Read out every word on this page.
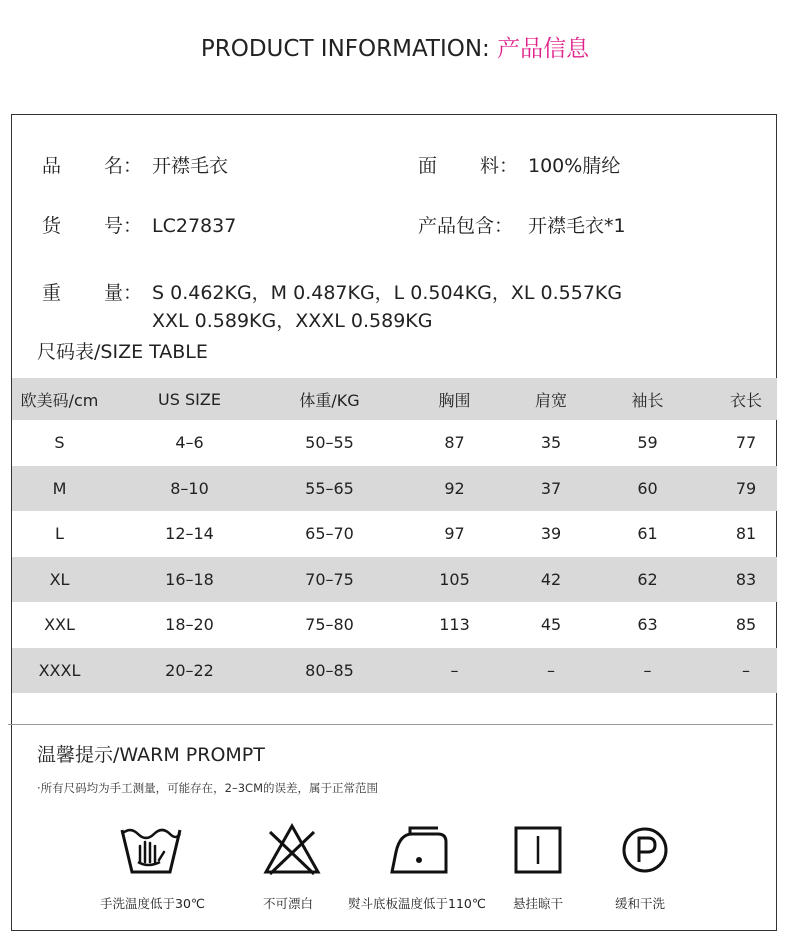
PRODUCT INFORMATION: 产品信息
品 名： 开襟毛衣	面 料： 100%腈纶
货 号： LC27837	产品包含： 开襟毛衣*1
重 量： S 0.462KG，M 0.487KG，L 0.504KG，XL 0.557KG
XXL 0.589KG，XXXL 0.589KG
尺码表/SIZE TABLE
欧美码/cm	US SIZE	体重/KG	胸围	肩宽	袖长	衣长
S	4–6	50–55	87	35	59	77
M	8–10	55–65	92	37	60	79
L	12–14	65–70	97	39	61	81
XL	16–18	70–75	105	42	62	83
XXL	18–20	75–80	113	45	63	85
XXXL	20–22	80–85	–	–	–	–
温馨提示/WARM PROMPT
·所有尺码均为手工测量，可能存在，2–3CM的误差，属于正常范围
手洗温度低于30℃	不可漂白	熨斗底板温度低于110℃ 悬挂晾干	缓和干洗
